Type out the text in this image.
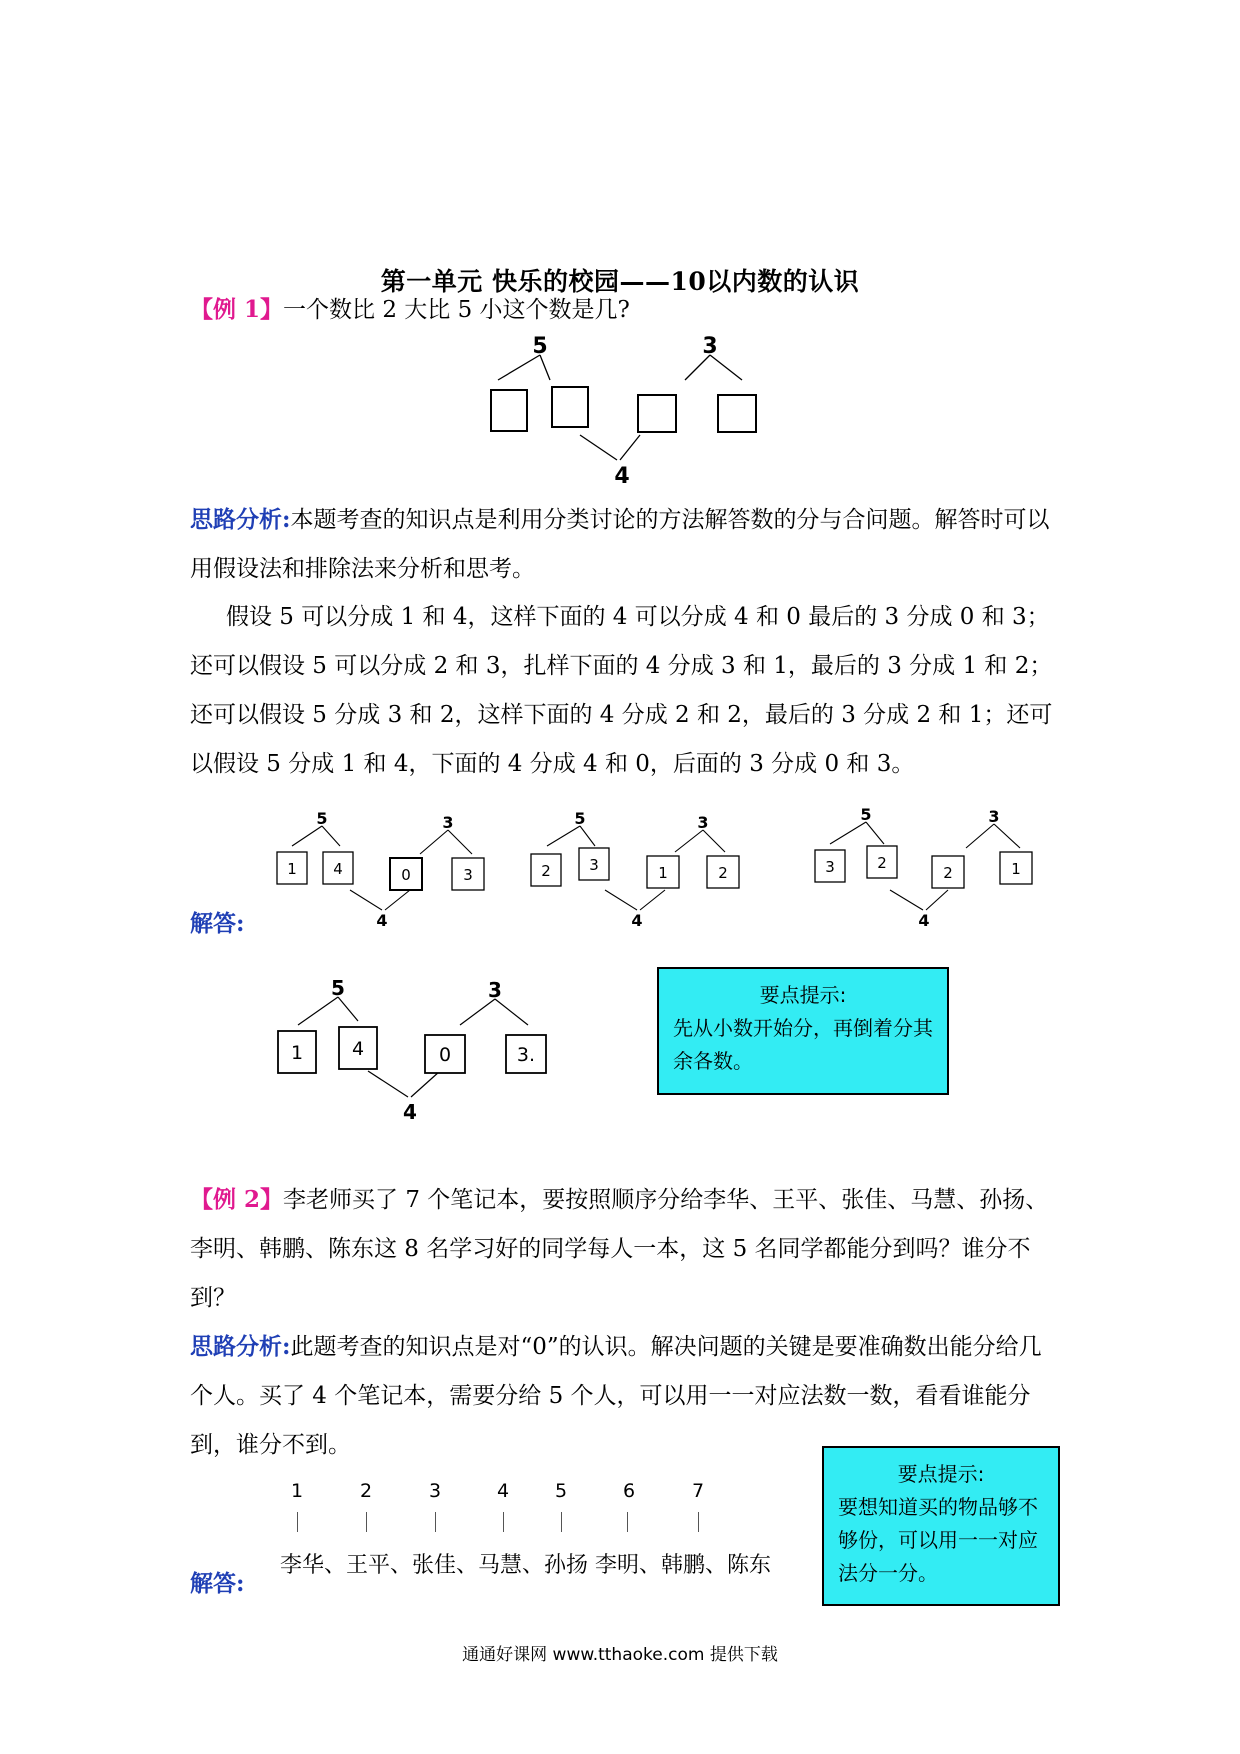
第一单元 快乐的校园——10以内数的认识
【例 1】一个数比 2 大比 5 小这个数是几?
5	3
4
思路分析:本题考查的知识点是利用分类讨论的方法解答数的分与合问题。解答时可以用假设法和排除法来分析和思考。
假设 5 可以分成 1 和 4，这样下面的 4 可以分成 4 和 0 最后的 3 分成 0 和 3；还可以假设 5 可以分成 2 和 3，扎样下面的 4 分成 3 和 1，最后的 3 分成 1 和 2；还可以假设 5 分成 3 和 2，这样下面的 4 分成 2 和 2，最后的 3 分成 2 和 1；还可以假设 5 分成 1 和 4，下面的 4 分成 4 和 0，后面的 3 分成 0 和 3。
解答:
5	3
4
1 4	0	3
5	3
4
2	3	1	2
5	3
4
3	2
2	1
5	3
4
1	4	0	3.
要点提示:
先从小数开始分，再倒着分其余各数。
【例 2】李老师买了 7 个笔记本，要按照顺序分给李华、王平、张佳、马慧、孙扬、李明、韩鹏、陈东这 8 名学习好的同学每人一本，这 5 名同学都能分到吗？谁分不到？
思路分析:此题考查的知识点是对“0”的认识。解决问题的关键是要准确数出能分给几个人。买了 4 个笔记本，需要分给 5 个人，可以用一一对应法数一数，看看谁能分到，谁分不到。
1	2	3	4 5	6	7
解答:
李华、王平、张佳、马慧、孙扬 李明、韩鹏、陈东
要点提示:
要想知道买的物品够不够份，可以用一一对应法分一分。
通通好课网 www.tthaoke.com 提供下载
